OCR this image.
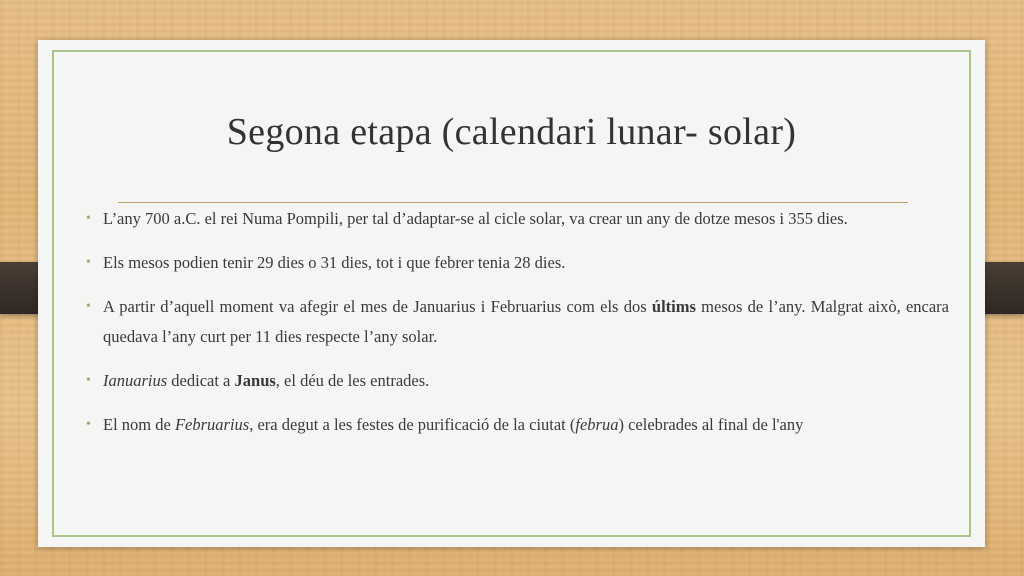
Segona etapa (calendari lunar- solar)
• L’any 700 a.C. el rei Numa Pompili, per tal d’adaptar-se al cicle solar, va crear un any de dotze mesos i 355 dies.
• Els mesos podien tenir 29 dies o 31 dies, tot i que febrer tenia 28 dies.
• A partir d’aquell moment va afegir el mes de Januarius i Februarius com els dos últims mesos de l’any. Malgrat això, encara quedava l’any curt per 11 dies respecte l’any solar.
• Ianuarius dedicat a Janus, el déu de les entrades.
• El nom de Februarius, era degut a les festes de purificació de la ciutat (februa) celebrades al final de l'any
